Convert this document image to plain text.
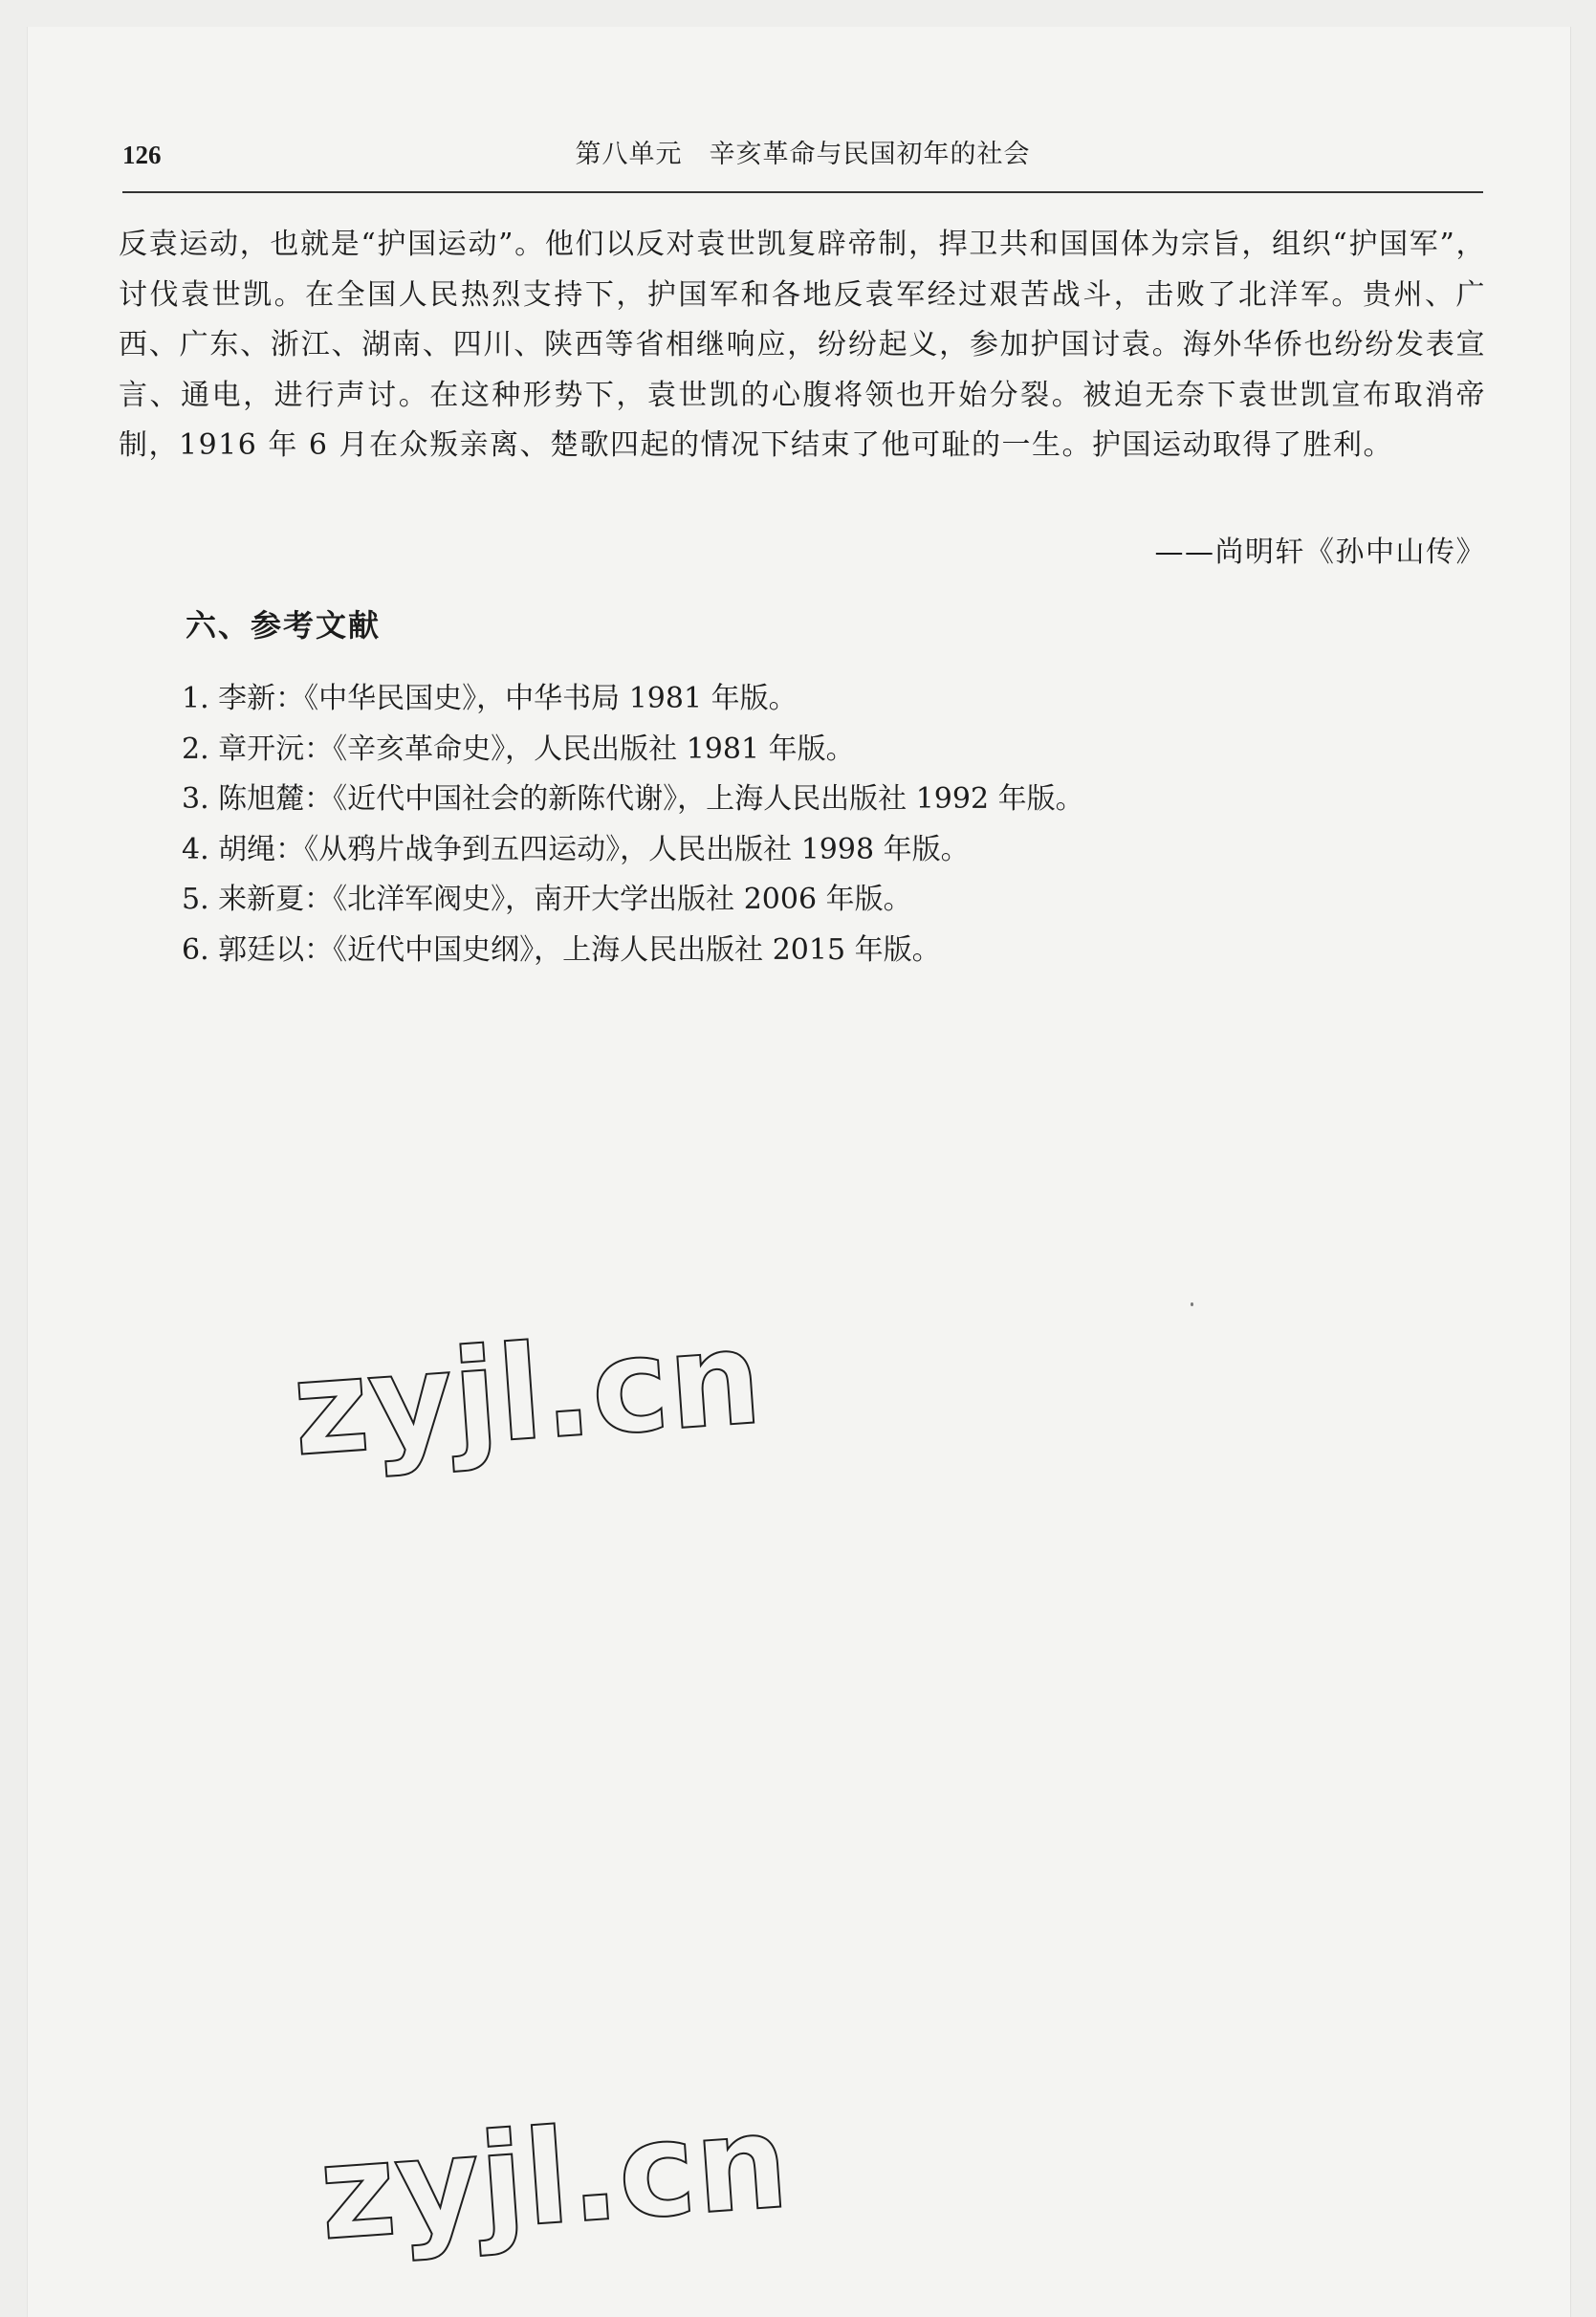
126	第八单元　辛亥革命与民国初年的社会

反袁运动，也就是“护国运动”。他们以反对袁世凯复辟帝制，捍卫共和国国体为宗旨，组织“护国军”，讨伐袁世凯。在全国人民热烈支持下，护国军和各地反袁军经过艰苦战斗，击败了北洋军。贵州、广西、广东、浙江、湖南、四川、陕西等省相继响应，纷纷起义，参加护国讨袁。海外华侨也纷纷发表宣言、通电，进行声讨。在这种形势下，袁世凯的心腹将领也开始分裂。被迫无奈下袁世凯宣布取消帝制，1916 年 6 月在众叛亲离、楚歌四起的情况下结束了他可耻的一生。护国运动取得了胜利。

——尚明轩《孙中山传》
六、参考文献
1. 李新：《中华民国史》，中华书局 1981 年版。
2. 章开沅：《辛亥革命史》，人民出版社 1981 年版。
3. 陈旭麓：《近代中国社会的新陈代谢》，上海人民出版社 1992 年版。
4. 胡绳：《从鸦片战争到五四运动》，人民出版社 1998 年版。
5. 来新夏：《北洋军阀史》，南开大学出版社 2006 年版。
6. 郭廷以：《近代中国史纲》，上海人民出版社 2015 年版。
zyjl.cn
zyjl.cn
